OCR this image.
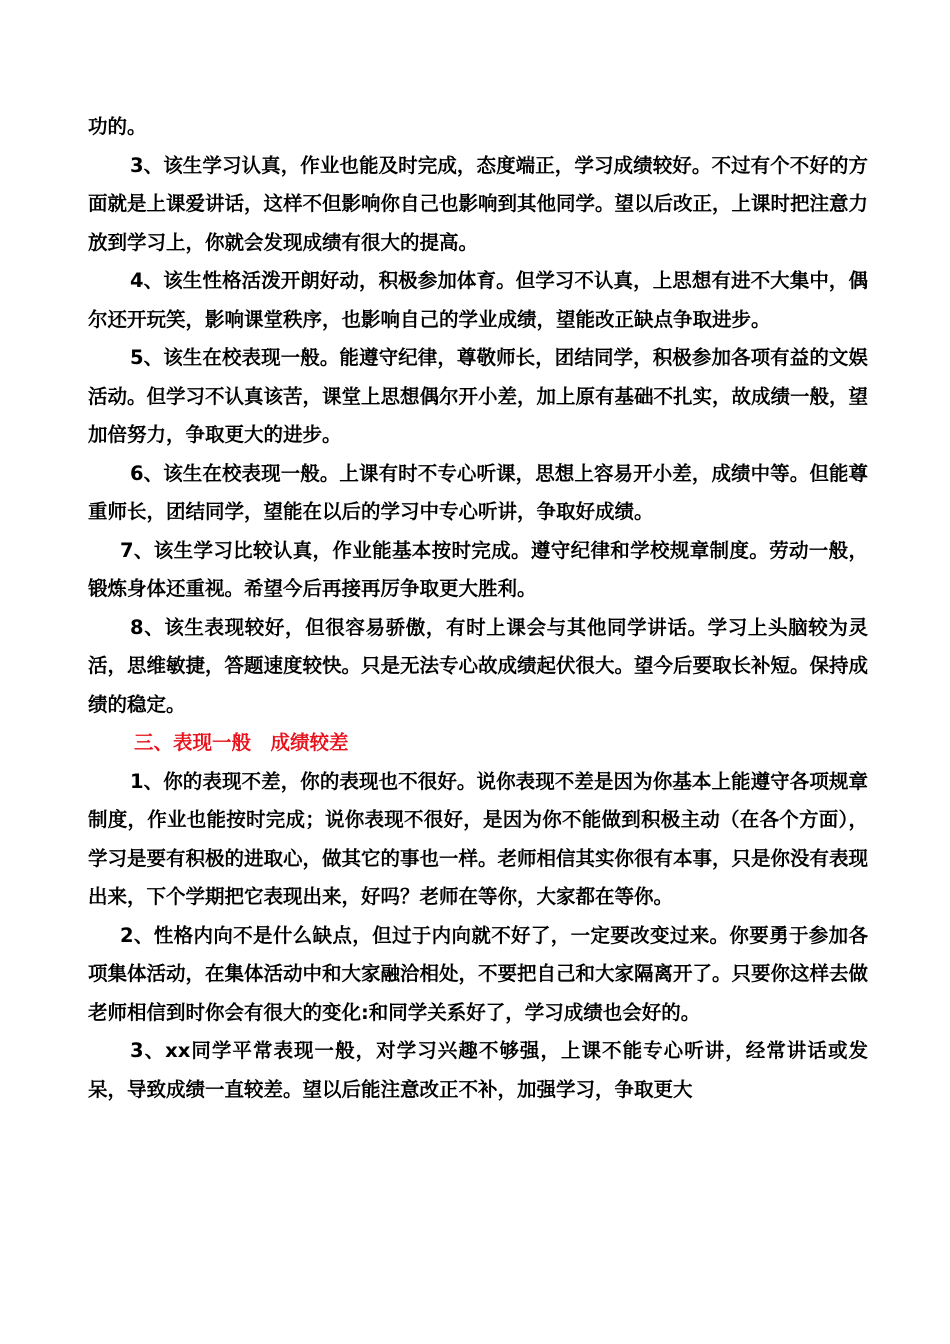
功的。

3、该生学习认真，作业也能及时完成，态度端正，学习成绩较好。不过有个不好的方面就是上课爱讲话，这样不但影响你自己也影响到其他同学。望以后改正，上课时把注意力放到学习上，你就会发现成绩有很大的提高。

4、该生性格活泼开朗好动，积极参加体育。但学习不认真，上思想有进不大集中，偶尔还开玩笑，影响课堂秩序，也影响自己的学业成绩，望能改正缺点争取进步。

5、该生在校表现一般。能遵守纪律，尊敬师长，团结同学，积极参加各项有益的文娱活动。但学习不认真该苦，课堂上思想偶尔开小差，加上原有基础不扎实，故成绩一般，望加倍努力，争取更大的进步。

6、该生在校表现一般。上课有时不专心听课，思想上容易开小差，成绩中等。但能尊重师长，团结同学，望能在以后的学习中专心听讲，争取好成绩。

7、该生学习比较认真，作业能基本按时完成。遵守纪律和学校规章制度。劳动一般，锻炼身体还重视。希望今后再接再厉争取更大胜利。

8、该生表现较好，但很容易骄傲，有时上课会与其他同学讲话。学习上头脑较为灵活，思维敏捷，答题速度较快。只是无法专心故成绩起伏很大。望今后要取长补短。保持成绩的稳定。

三、表现一般　成绩较差

1、你的表现不差，你的表现也不很好。说你表现不差是因为你基本上能遵守各项规章制度，作业也能按时完成；说你表现不很好，是因为你不能做到积极主动（在各个方面），学习是要有积极的进取心，做其它的事也一样。老师相信其实你很有本事，只是你没有表现出来，下个学期把它表现出来，好吗？老师在等你，大家都在等你。

2、性格内向不是什么缺点，但过于内向就不好了，一定要改变过来。你要勇于参加各项集体活动，在集体活动中和大家融洽相处，不要把自己和大家隔离开了。只要你这样去做老师相信到时你会有很大的变化:和同学关系好了，学习成绩也会好的。

3、xx同学平常表现一般，对学习兴趣不够强，上课不能专心听讲，经常讲话或发呆，导致成绩一直较差。望以后能注意改正不补，加强学习，争取更大
